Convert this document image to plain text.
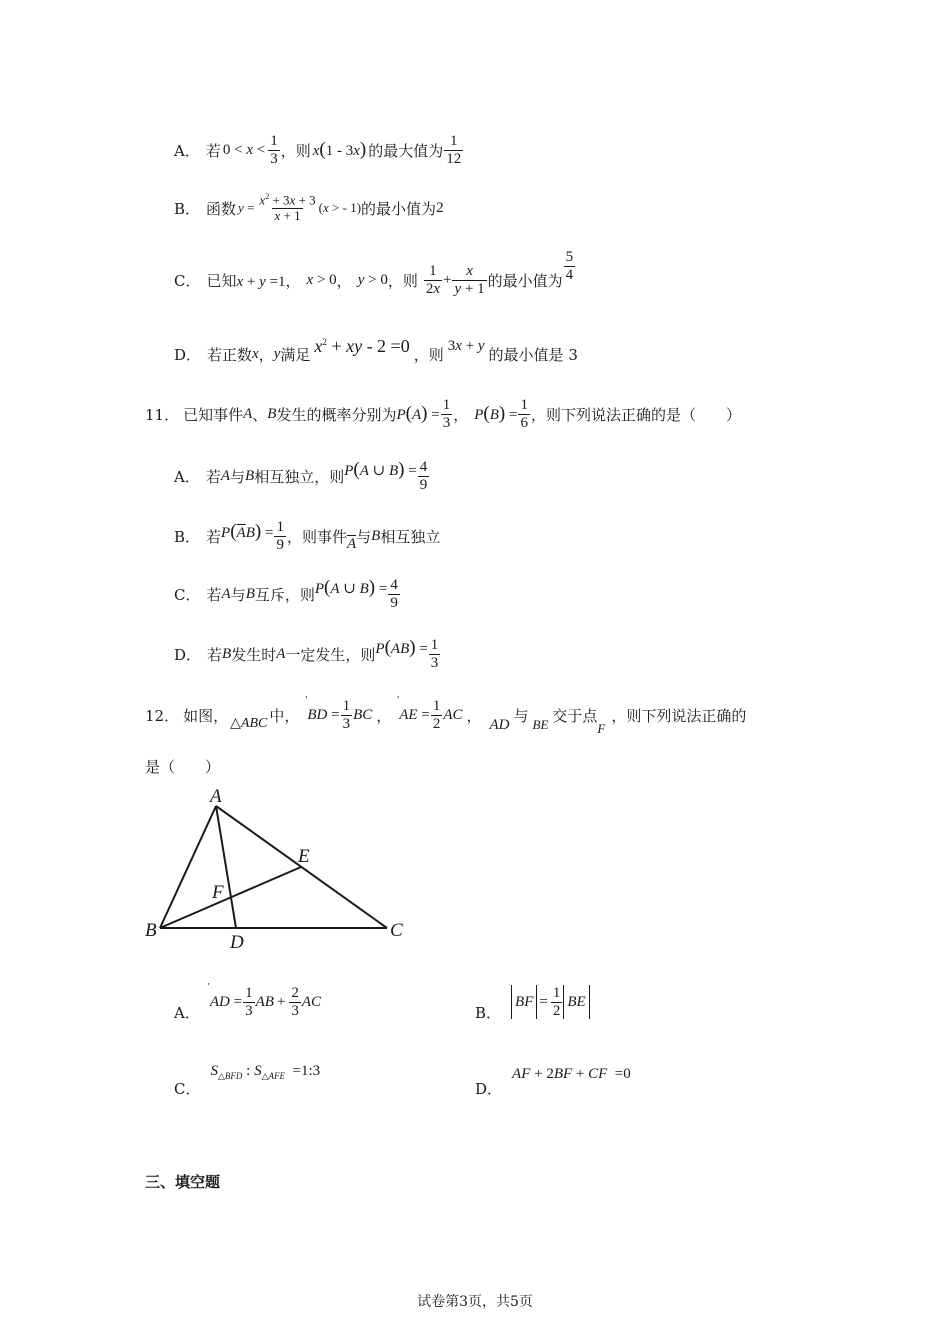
A． 若 $0 < x < \frac{1}{3}$ ，则 x(1 - 3x) 的最大值为 $\frac{1}{12}$
B． 函数 $y = \frac{x^2 + 3x + 3}{x + 1} (x$ > - 1) 的最小值为 2
C． 已知 x + y =1， x > 0 ， y > 0 ，则 $\frac{1}{2x} + \frac{x}{y + 1}$ 的最小值为 $\frac{5}{4}$
D． 若正数 x ， y 满足 $x^2$ + xy - 2 =0 ，则 3x + y 的最小值是 3
11． 已知事件 A 、 B 发生的概率分别为 $P(A) = \frac{1}{3}$ ， $P(B) = \frac{1}{6}$ ，则下列说法正确的是（　　）
A． 若 A 与 B 相互独立，则 P(A ∪ $B) = \frac{4}{9}$
B． 若 $P(\overline{A}B) = \frac{1}{9}$ ，则事件 $\overline{A}$ 与 B 相互独立
C． 若 A 与 B 互斥，则 P(A ∪ $B) = \frac{4}{9}$
D． 若 B 发生时 A 一定发生，则 $P(AB) = \frac{1}{3}$
12． 如图， △ABC 中， ' BD = $\frac{1}{3}$ BC ， ' AE = $\frac{1}{2}$ AC ， AD 与 BE 交于点
F
，则下列说法正确的
是（　　）
A
B	C
D
E
F
A．
' AD = $\frac{1}{3}$ AB + $\frac{2}{3}$ AC
B．
BF = $\frac{1}{2}$ BE
C．
$S_{\triangle BFD}$ : $S_{\triangle AFE}$  =1:3
D．
AF + 2BF + CF  =0
三、填空题
试卷第3页，共5页
